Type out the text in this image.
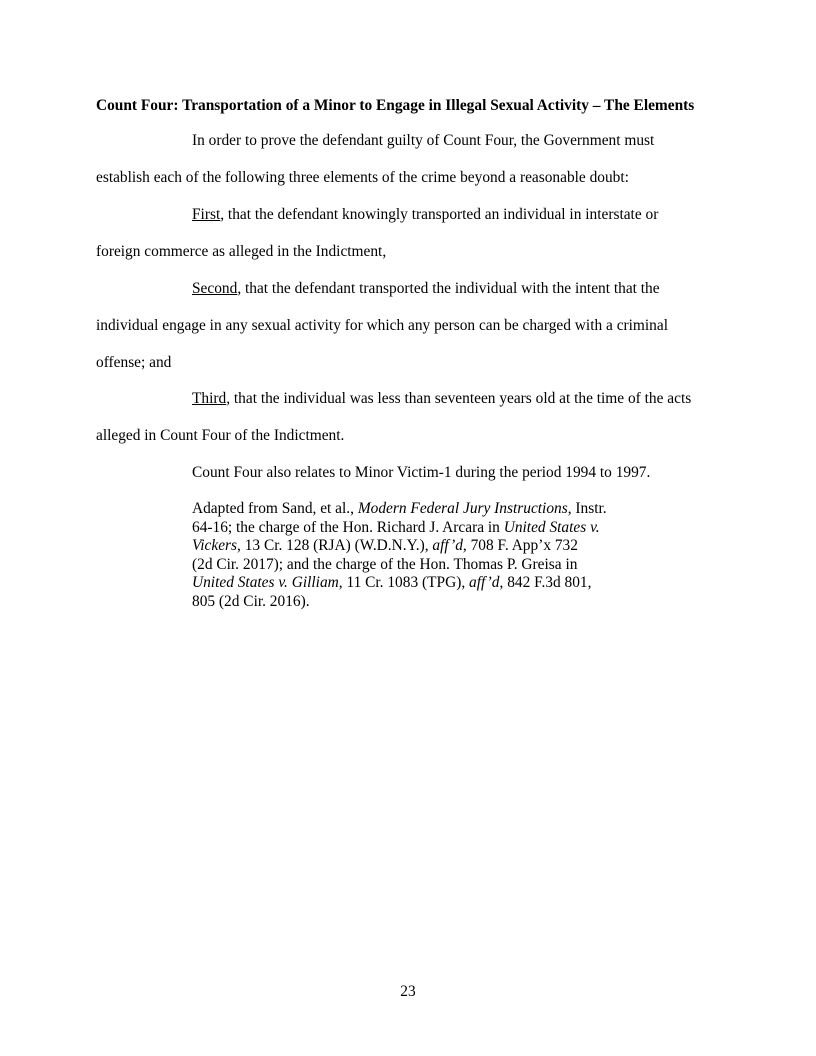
Count Four: Transportation of a Minor to Engage in Illegal Sexual Activity – The Elements
In order to prove the defendant guilty of Count Four, the Government must
establish each of the following three elements of the crime beyond a reasonable doubt:
First, that the defendant knowingly transported an individual in interstate or
foreign commerce as alleged in the Indictment,
Second, that the defendant transported the individual with the intent that the
individual engage in any sexual activity for which any person can be charged with a criminal
offense; and
Third, that the individual was less than seventeen years old at the time of the acts
alleged in Count Four of the Indictment.
Count Four also relates to Minor Victim-1 during the period 1994 to 1997.
Adapted from Sand, et al., Modern Federal Jury Instructions, Instr.
64-16; the charge of the Hon. Richard J. Arcara in United States v.
Vickers, 13 Cr. 128 (RJA) (W.D.N.Y.), aff’d, 708 F. App’x 732
(2d Cir. 2017); and the charge of the Hon. Thomas P. Greisa in
United States v. Gilliam, 11 Cr. 1083 (TPG), aff’d, 842 F.3d 801,
805 (2d Cir. 2016).
23
